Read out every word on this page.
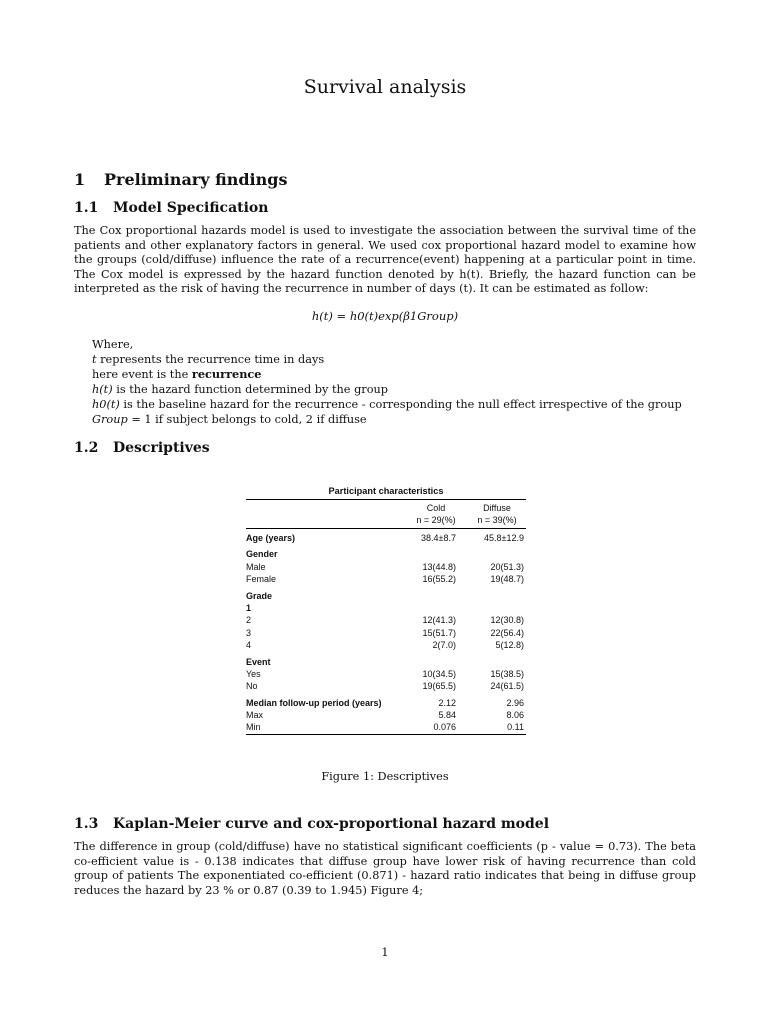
Survival analysis
1 Preliminary findings
1.1 Model Specification
The Cox proportional hazards model is used to investigate the association between the survival time of the patients and other explanatory factors in general. We used cox proportional hazard model to examine how the groups (cold/diffuse) influence the rate of a recurrence(event) happening at a particular point in time. The Cox model is expressed by the hazard function denoted by h(t). Briefly, the hazard function can be interpreted as the risk of having the recurrence in number of days (t). It can be estimated as follow:
h(t) = h0(t)exp(β1Group)
Where,
t represents the recurrence time in days
here event is the recurrence
h(t) is the hazard function determined by the group
h0(t) is the baseline hazard for the recurrence - corresponding the null effect irrespective of the group
Group = 1 if subject belongs to cold, 2 if diffuse
1.2 Descriptives
Participant characteristics
Cold
n = 29(%)
Diffuse
n = 39(%)
Age (years)	38.4±8.7	45.8±12.9
Gender
Male	13(44.8)	20(51.3)
Female	16(55.2)	19(48.7)
Grade
1
2	12(41.3)	12(30.8)
3	15(51.7)	22(56.4)
4	2(7.0)	5(12.8)
Event
Yes	10(34.5)	15(38.5)
No	19(65.5)	24(61.5)
Median follow-up period (years)	2.12	2.96
Max	5.84	8.06
Min	0.076	0.11
Figure 1: Descriptives
1.3 Kaplan-Meier curve and cox-proportional hazard model
The difference in group (cold/diffuse) have no statistical significant coefficients (p - value = 0.73). The beta co-efficient value is - 0.138 indicates that diffuse group have lower risk of having recurrence than cold group of patients The exponentiated co-efficient (0.871) - hazard ratio indicates that being in diffuse group reduces the hazard by 23 % or 0.87 (0.39 to 1.945) Figure 4;
1
